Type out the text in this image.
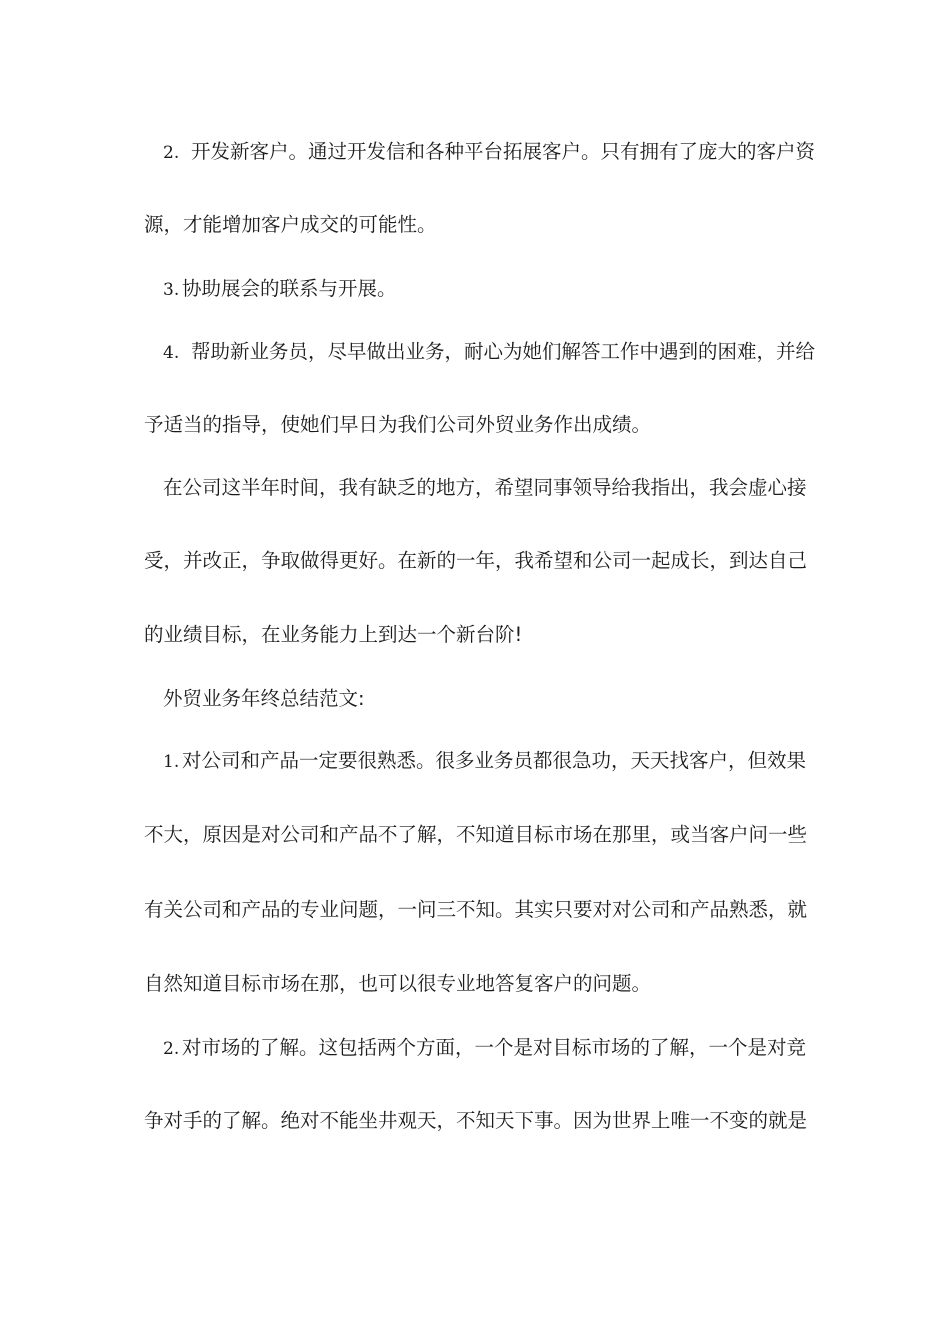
2. 开发新客户。通过开发信和各种平台拓展客户。只有拥有了庞大的客户资
源，才能增加客户成交的可能性。
3. 协助展会的联系与开展。
4. 帮助新业务员，尽早做出业务，耐心为她们解答工作中遇到的困难，并给
予适当的指导，使她们早日为我们公司外贸业务作出成绩。
在公司这半年时间，我有缺乏的地方，希望同事领导给我指出，我会虚心接
受，并改正，争取做得更好。在新的一年，我希望和公司一起成长，到达自己
的业绩目标，在业务能力上到达一个新台阶!
外贸业务年终总结范文:
1. 对公司和产品一定要很熟悉。很多业务员都很急功，天天找客户，但效果
不大，原因是对公司和产品不了解，不知道目标市场在那里，或当客户问一些
有关公司和产品的专业问题，一问三不知。其实只要对对公司和产品熟悉，就
自然知道目标市场在那，也可以很专业地答复客户的问题。
2. 对市场的了解。这包括两个方面，一个是对目标市场的了解，一个是对竞
争对手的了解。绝对不能坐井观天，不知天下事。因为世界上唯一不变的就是
